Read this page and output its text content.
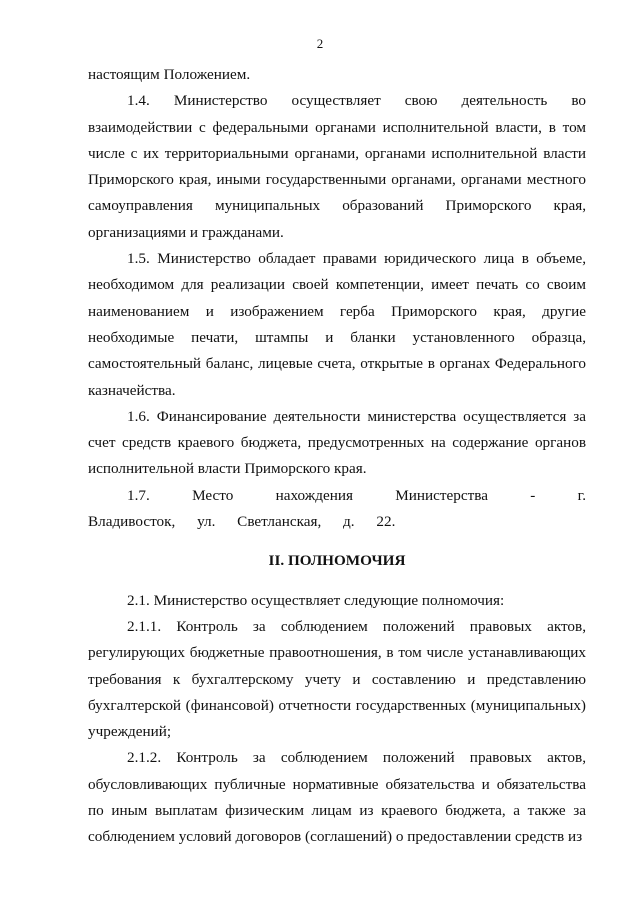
2

настоящим Положением.

1.4. Министерство осуществляет свою деятельность во взаимодействии с федеральными органами исполнительной власти, в том числе с их территориальными органами, органами исполнительной власти Приморского края, иными государственными органами, органами местного самоуправления муниципальных образований Приморского края, организациями и гражданами.

1.5. Министерство обладает правами юридического лица в объеме, необходимом для реализации своей компетенции, имеет печать со своим наименованием и изображением герба Приморского края, другие необходимые печати, штампы и бланки установленного образца, самостоятельный баланс, лицевые счета, открытые в органах Федерального казначейства.

1.6. Финансирование деятельности министерства осуществляется за счет средств краевого бюджета, предусмотренных на содержание органов исполнительной власти Приморского края.

1.7. Место нахождения Министерства - г. Владивосток, ул. Светланская, д. 22.

II. ПОЛНОМОЧИЯ

2.1. Министерство осуществляет следующие полномочия:

2.1.1. Контроль за соблюдением положений правовых актов, регулирующих бюджетные правоотношения, в том числе устанавливающих требования к бухгалтерскому учету и составлению и представлению бухгалтерской (финансовой) отчетности государственных (муниципальных) учреждений;

2.1.2. Контроль за соблюдением положений правовых актов, обусловливающих публичные нормативные обязательства и обязательства по иным выплатам физическим лицам из краевого бюджета, а также за соблюдением условий договоров (соглашений) о предоставлении средств из
